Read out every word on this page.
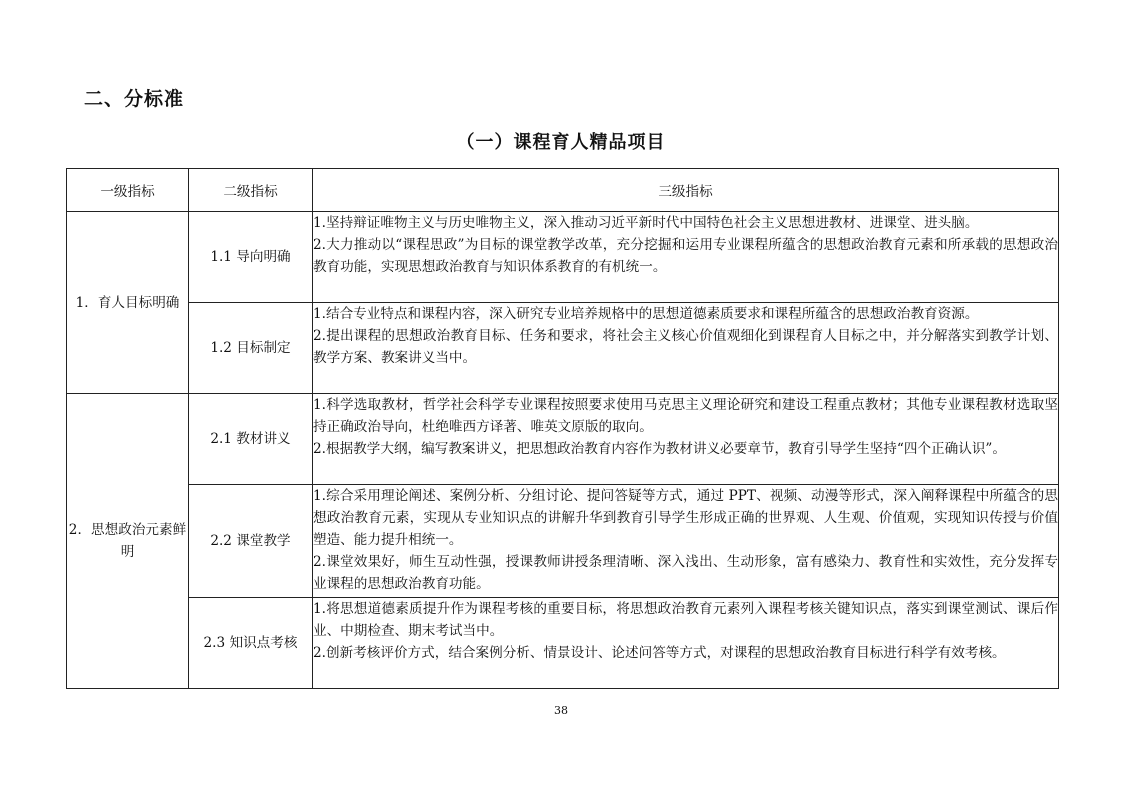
二、分标准
（一）课程育人精品项目
一级指标	二级指标	三级指标
1．育人目标明确	1.1 导向明确	1.坚持辩证唯物主义与历史唯物主义，深入推动习近平新时代中国特色社会主义思想进教材、进课堂、进头脑。

2.大力推动以“课程思政”为目标的课堂教学改革，充分挖掘和运用专业课程所蕴含的思想政治教育元素和所承载的思想政治教育功能，实现思想政治教育与知识体系教育的有机统一。

	1.2 目标制定	1.结合专业特点和课程内容，深入研究专业培养规格中的思想道德素质要求和课程所蕴含的思想政治教育资源。

2.提出课程的思想政治教育目标、任务和要求，将社会主义核心价值观细化到课程育人目标之中，并分解落实到教学计划、教学方案、教案讲义当中。

2．思想政治元素鲜明	2.1 教材讲义	1.科学选取教材，哲学社会科学专业课程按照要求使用马克思主义理论研究和建设工程重点教材；其他专业课程教材选取坚持正确政治导向，杜绝唯西方译著、唯英文原版的取向。

2.根据教学大纲，编写教案讲义，把思想政治教育内容作为教材讲义必要章节，教育引导学生坚持“四个正确认识”。

	2.2 课堂教学	1.综合采用理论阐述、案例分析、分组讨论、提问答疑等方式，通过 PPT、视频、动漫等形式，深入阐释课程中所蕴含的思想政治教育元素，实现从专业知识点的讲解升华到教育引导学生形成正确的世界观、人生观、价值观，实现知识传授与价值塑造、能力提升相统一。

2.课堂效果好，师生互动性强，授课教师讲授条理清晰、深入浅出、生动形象，富有感染力、教育性和实效性，充分发挥专业课程的思想政治教育功能。

	2.3 知识点考核	1.将思想道德素质提升作为课程考核的重要目标，将思想政治教育元素列入课程考核关键知识点，落实到课堂测试、课后作业、中期检查、期末考试当中。

2.创新考核评价方式，结合案例分析、情景设计、论述问答等方式，对课程的思想政治教育目标进行科学有效考核。

38
